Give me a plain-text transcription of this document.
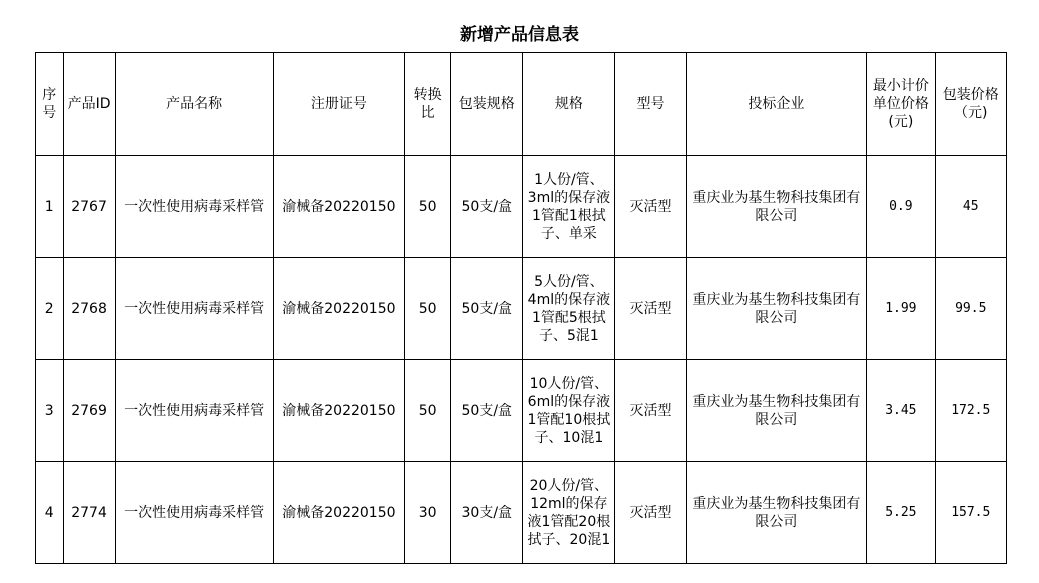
新增产品信息表
序号	产品ID	产品名称	注册证号	转换比	包装规格	规格	型号	投标企业	最小计价单位价格(元)	包装价格（元)
1	2767	一次性使用病毒采样管	渝械备20220150	50	50支/盒	1人份/管、3ml的保存液1管配1根拭子、单采	灭活型	重庆业为基生物科技集团有限公司	0.9	45
2	2768	一次性使用病毒采样管	渝械备20220150	50	50支/盒	5人份/管、4ml的保存液1管配5根拭子、5混1	灭活型	重庆业为基生物科技集团有限公司	1.99	99.5
3	2769	一次性使用病毒采样管	渝械备20220150	50	50支/盒	10人份/管、6ml的保存液1管配10根拭子、10混1	灭活型	重庆业为基生物科技集团有限公司	3.45	172.5
4	2774	一次性使用病毒采样管	渝械备20220150	30	30支/盒	20人份/管、12ml的保存液1管配20根拭子、20混1	灭活型	重庆业为基生物科技集团有限公司	5.25	157.5
